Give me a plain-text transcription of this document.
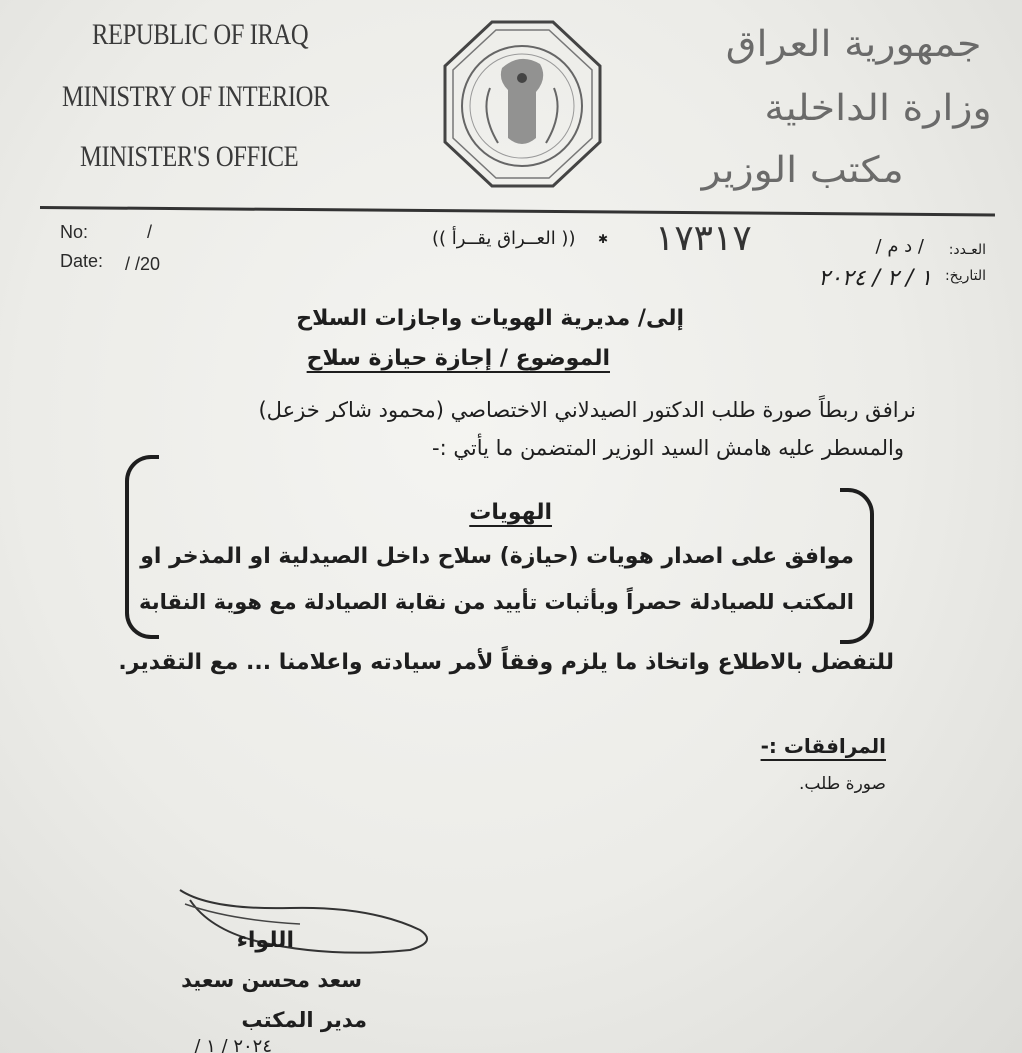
REPUBLIC OF IRAQ
MINISTRY OF INTERIOR
MINISTER'S OFFICE
جمهورية العراق
وزارة الداخلية
مكتب الوزير
No:	/
Date: / /20
(( العــراق يقــرأ )) ✱ ١٧٣١٧	العـدد:
/ د م /
التاريخ:
١ / ٢ / ٢٠٢٤
إلى/ مديرية الهويات واجازات السلاح
الموضوع / إجازة حيازة سلاح
نرافق ربطاً صورة طلب الدكتور الصيدلاني الاختصاصي (محمود شاكر خزعل)
والمسطر عليه هامش السيد الوزير المتضمن ما يأتي :-
الهويات
موافق على اصدار هويات (حيازة) سلاح داخل الصيدلية او المذخر او
المكتب للصيادلة حصراً وبأثبات تأييد من نقابة الصيادلة مع هوية النقابة
للتفضل بالاطلاع واتخاذ ما يلزم وفقاً لأمر سيادته واعلامنا ... مع التقدير.
المرافقات :-
صورة طلب.
اللواء
سعد محسن سعيد
مدير المكتب
٢٠٢٤ / ١ /
